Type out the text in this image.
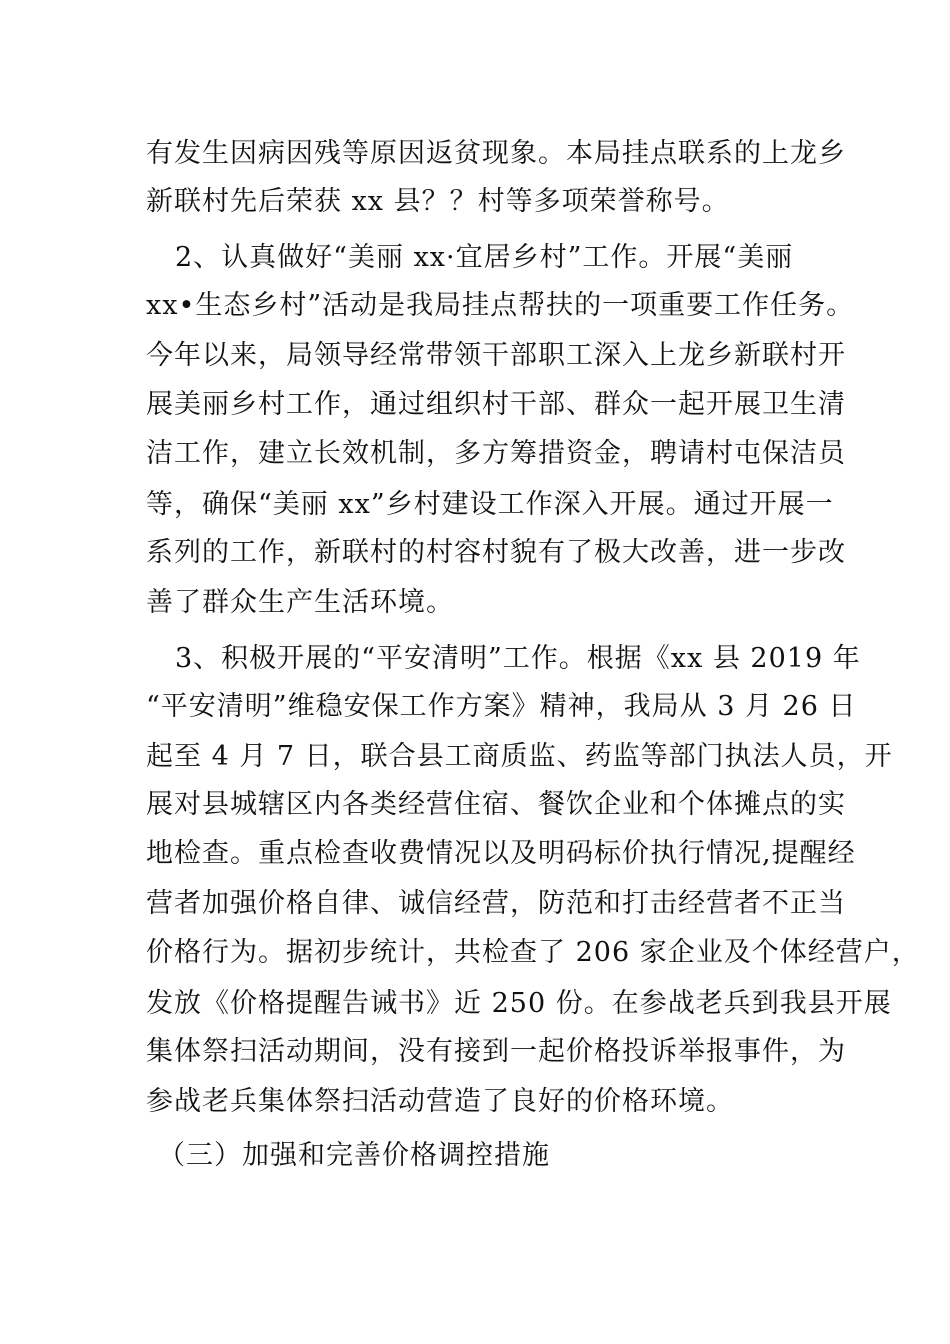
有发生因病因残等原因返贫现象。本局挂点联系的上龙乡
新联村先后荣获 xx 县？？村等多项荣誉称号。
2、认真做好“美丽 xx·宜居乡村”工作。开展“美丽
xx•生态乡村”活动是我局挂点帮扶的一项重要工作任务。
今年以来，局领导经常带领干部职工深入上龙乡新联村开
展美丽乡村工作，通过组织村干部、群众一起开展卫生清
洁工作，建立长效机制，多方筹措资金，聘请村屯保洁员
等，确保“美丽 xx”乡村建设工作深入开展。通过开展一
系列的工作，新联村的村容村貌有了极大改善，进一步改
善了群众生产生活环境。
3、积极开展的“平安清明”工作。根据《xx 县 2019 年
“平安清明”维稳安保工作方案》精神，我局从 3 月 26 日
起至 4 月 7 日，联合县工商质监、药监等部门执法人员，开
展对县城辖区内各类经营住宿、餐饮企业和个体摊点的实
地检查。重点检查收费情况以及明码标价执行情况,提醒经
营者加强价格自律、诚信经营，防范和打击经营者不正当
价格行为。据初步统计，共检查了 206 家企业及个体经营户，
发放《价格提醒告诫书》近 250 份。在参战老兵到我县开展
集体祭扫活动期间，没有接到一起价格投诉举报事件，为
参战老兵集体祭扫活动营造了良好的价格环境。
（三）加强和完善价格调控措施
